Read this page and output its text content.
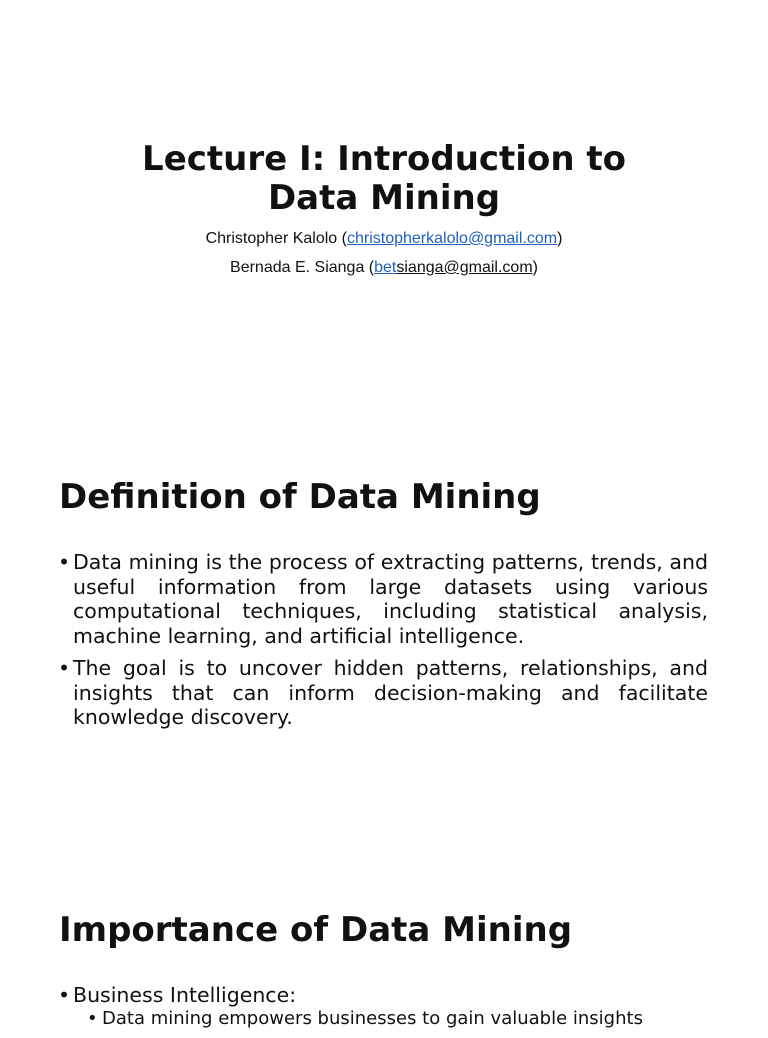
Lecture I: Introduction to
Data Mining
Christopher Kalolo (christopherkalolo@gmail.com)
Bernada E. Sianga (betsianga@gmail.com)
Definition of Data Mining
• Data mining is the process of extracting patterns, trends, and useful information from large datasets using various computational techniques, including statistical analysis, machine learning, and artificial intelligence.
• The goal is to uncover hidden patterns, relationships, and insights that can inform decision-making and facilitate knowledge discovery.
Importance of Data Mining
• Business Intelligence:
• Data mining empowers businesses to gain valuable insights
